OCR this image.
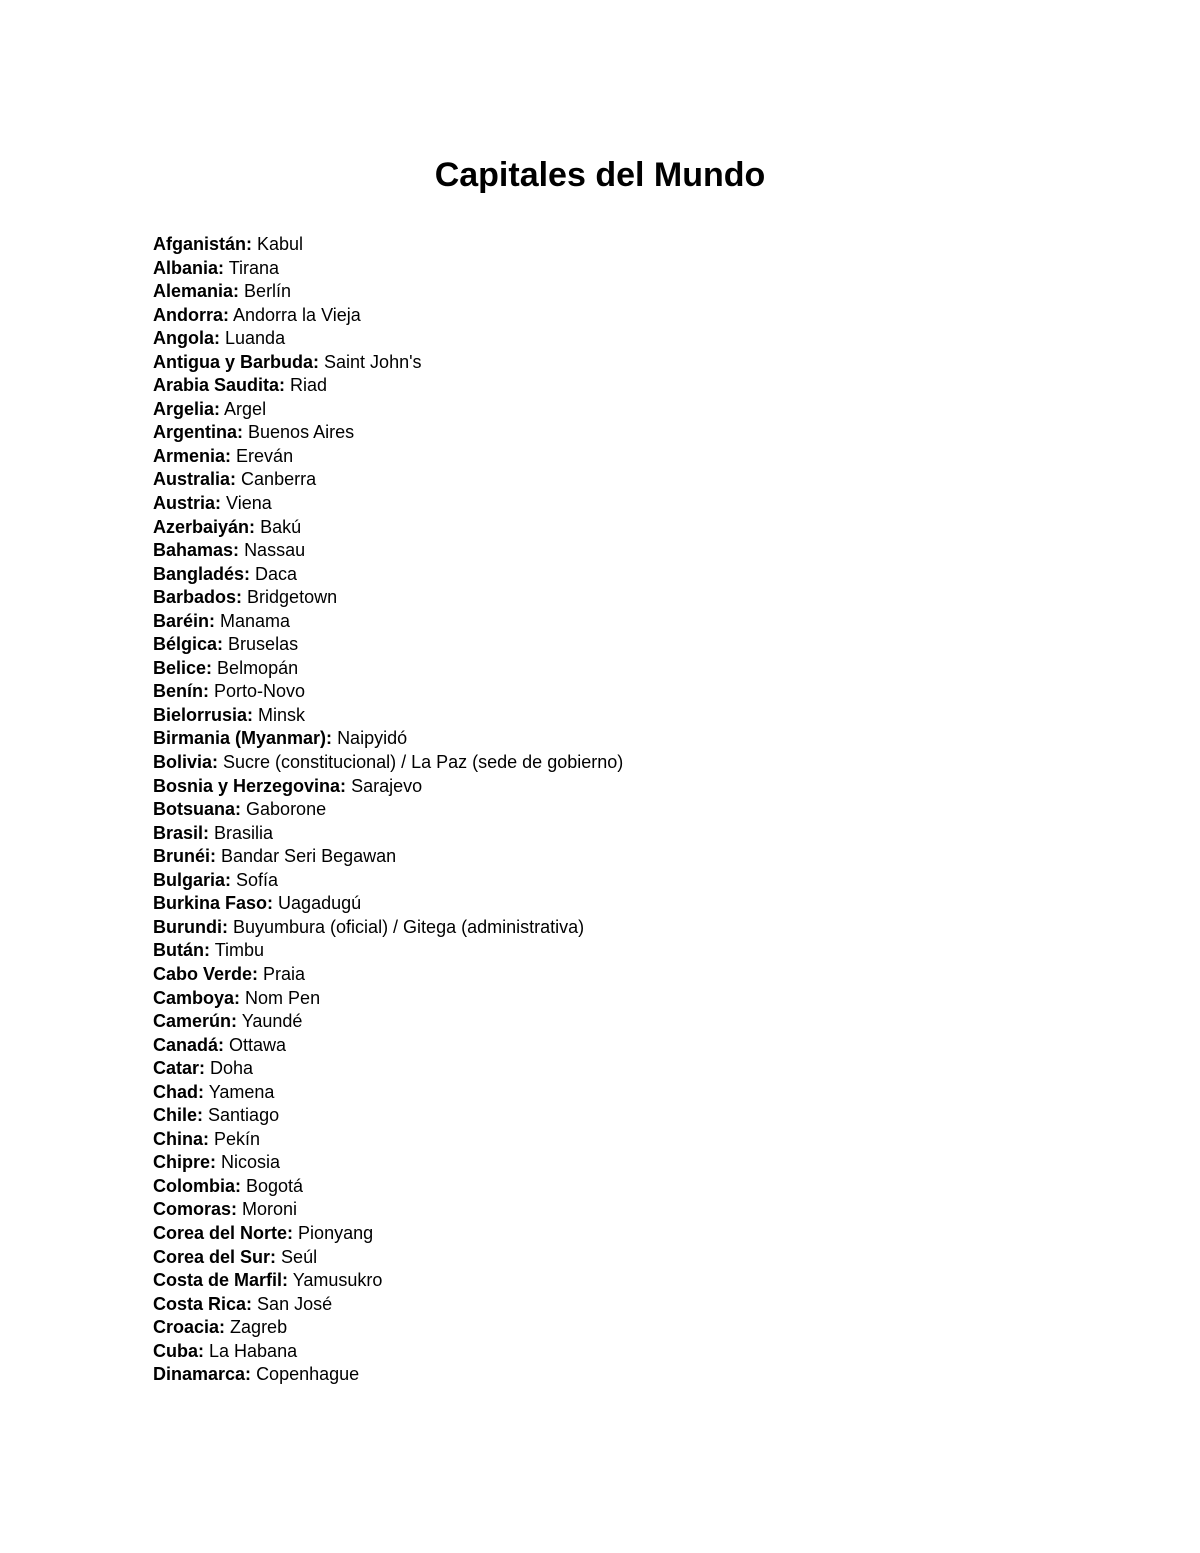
Capitales del Mundo
Afganistán: Kabul
Albania: Tirana
Alemania: Berlín
Andorra: Andorra la Vieja
Angola: Luanda
Antigua y Barbuda: Saint John's
Arabia Saudita: Riad
Argelia: Argel
Argentina: Buenos Aires
Armenia: Ereván
Australia: Canberra
Austria: Viena
Azerbaiyán: Bakú
Bahamas: Nassau
Bangladés: Daca
Barbados: Bridgetown
Baréin: Manama
Bélgica: Bruselas
Belice: Belmopán
Benín: Porto-Novo
Bielorrusia: Minsk
Birmania (Myanmar): Naipyidó
Bolivia: Sucre (constitucional) / La Paz (sede de gobierno)
Bosnia y Herzegovina: Sarajevo
Botsuana: Gaborone
Brasil: Brasilia
Brunéi: Bandar Seri Begawan
Bulgaria: Sofía
Burkina Faso: Uagadugú
Burundi: Buyumbura (oficial) / Gitega (administrativa)
Bután: Timbu
Cabo Verde: Praia
Camboya: Nom Pen
Camerún: Yaundé
Canadá: Ottawa
Catar: Doha
Chad: Yamena
Chile: Santiago
China: Pekín
Chipre: Nicosia
Colombia: Bogotá
Comoras: Moroni
Corea del Norte: Pionyang
Corea del Sur: Seúl
Costa de Marfil: Yamusukro
Costa Rica: San José
Croacia: Zagreb
Cuba: La Habana
Dinamarca: Copenhague
